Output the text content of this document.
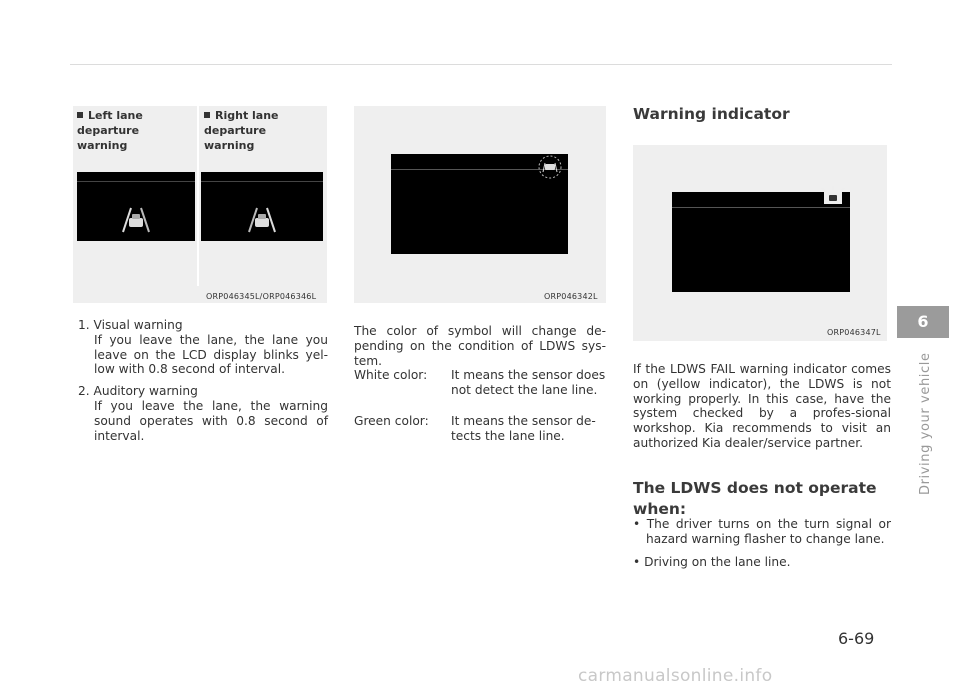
Left lane departure warning
Right lane departure warning
ORP046345L/ORP046346L	ORP046342L
ORP046347L

1. Visual warning

If you leave the lane, the lane you leave on the LCD display blinks yel-low with 0.8 second of interval.

2. Auditory warning

If you leave the lane, the warning sound operates with 0.8 second of interval.

The color of symbol will change de-pending on the condition of LDWS sys-tem.

White color: It means the sensor does not detect the lane line.
Green color: It means the sensor de-tects the lane line.
Warning indicator
If the LDWS FAIL warning indicator comes on (yellow indicator), the LDWS is not working properly. In this case, have the system checked by a profes-sional workshop. Kia recommends to visit an authorized Kia dealer/service partner.
The LDWS does not operate when:

• The driver turns on the turn signal or hazard warning flasher to change lane.

• Driving on the lane line.

6
Driving your vehicle
6-69
carmanualsonline.info
